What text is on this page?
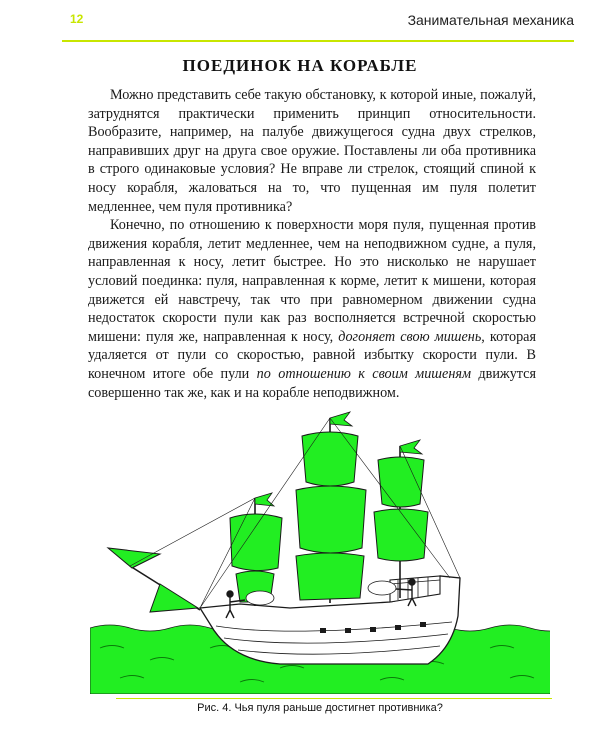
12	Занимательная механика
ПОЕДИНОК НА КОРАБЛЕ

Можно представить себе такую обстановку, к которой иные, пожалуй, затруднятся практически применить принцип относительности. Вообразите, например, на палубе движущегося судна двух стрелков, направивших друг на друга свое оружие. Поставлены ли оба противника в строго одинаковые условия? Не вправе ли стрелок, стоящий спиной к носу корабля, жаловаться на то, что пущенная им пуля полетит медленнее, чем пуля противника?

Конечно, по отношению к поверхности моря пуля, пущенная против движения корабля, летит медленнее, чем на неподвижном судне, а пуля, направленная к носу, летит быстрее. Но это нисколько не нарушает условий поединка: пуля, направленная к корме, летит к мишени, которая движется ей навстречу, так что при равномерном движении судна недостаток скорости пули как раз восполняется встречной скоростью мишени: пуля же, направленная к носу, догоняет свою мишень, которая удаляется от пули со скоростью, равной избытку скорости пули. В конечном итоге обе пули по отношению к своим мишеням движутся совершенно так же, как и на корабле неподвижном.

Рис. 4. Чья пуля раньше достигнет противника?
